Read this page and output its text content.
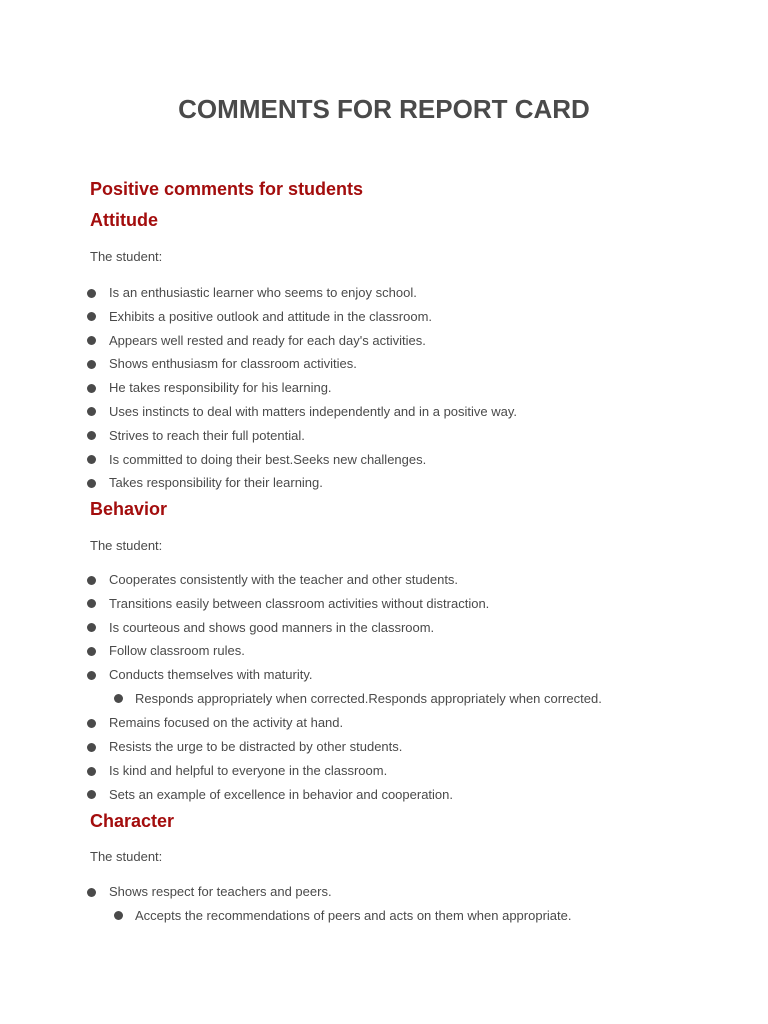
COMMENTS FOR REPORT CARD
Positive comments for students
Attitude

The student:

Is an enthusiastic learner who seems to enjoy school.
Exhibits a positive outlook and attitude in the classroom.
Appears well rested and ready for each day's activities.
Shows enthusiasm for classroom activities.
He takes responsibility for his learning.
Uses instincts to deal with matters independently and in a positive way.
Strives to reach their full potential.
Is committed to doing their best.Seeks new challenges.
Takes responsibility for their learning.
Behavior

The student:

Cooperates consistently with the teacher and other students.
Transitions easily between classroom activities without distraction.
Is courteous and shows good manners in the classroom.
Follow classroom rules.
Conducts themselves with maturity.
Responds appropriately when corrected.Responds appropriately when corrected.
Remains focused on the activity at hand.
Resists the urge to be distracted by other students.
Is kind and helpful to everyone in the classroom.
Sets an example of excellence in behavior and cooperation.
Character

The student:

Shows respect for teachers and peers.
Accepts the recommendations of peers and acts on them when appropriate.
